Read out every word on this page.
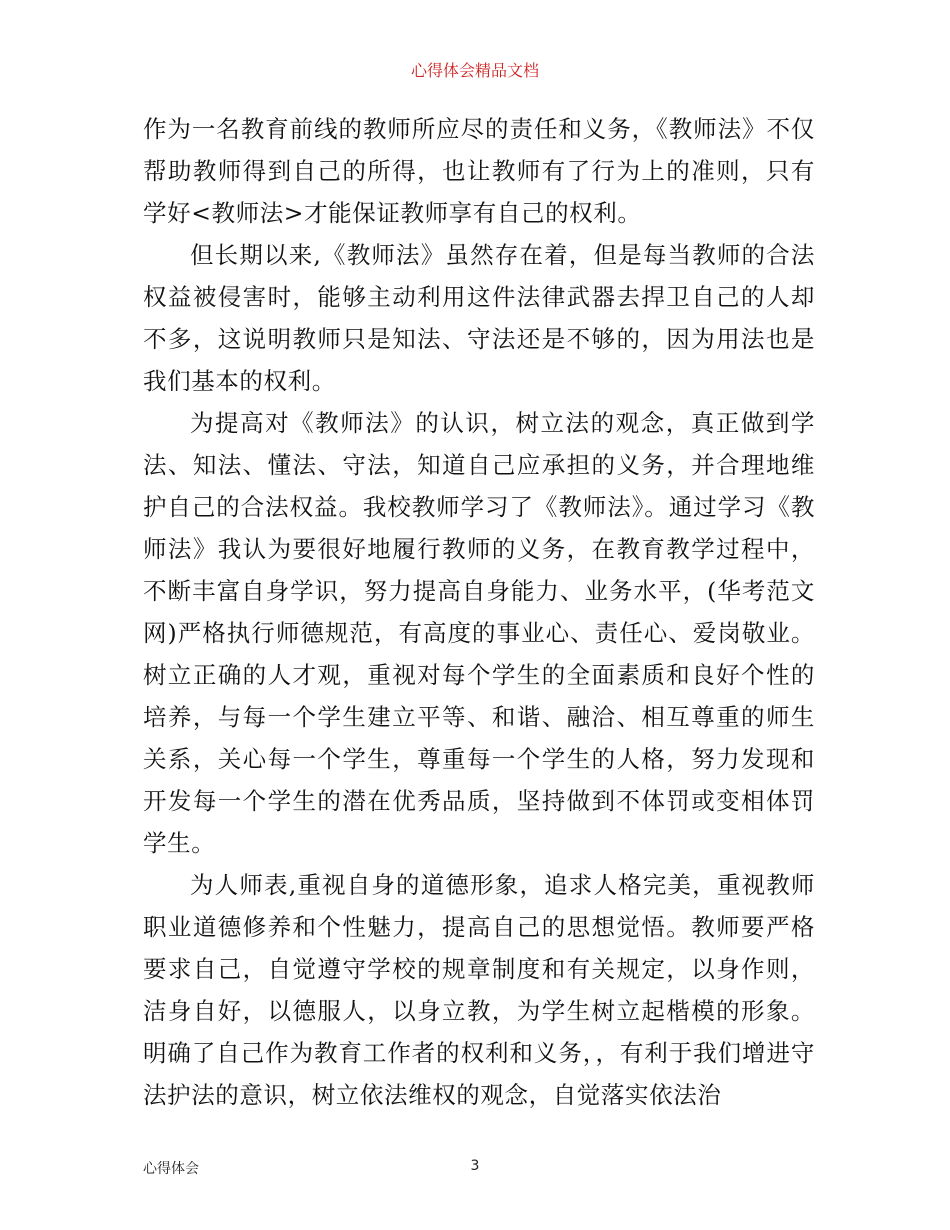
心得体会精品文档

作为一名教育前线的教师所应尽的责任和义务，《教师法》不仅帮助教师得到自己的所得，也让教师有了行为上的准则，只有学好<教师法>才能保证教师享有自己的权利。

但长期以来,《教师法》虽然存在着，但是每当教师的合法权益被侵害时，能够主动利用这件法律武器去捍卫自己的人却不多，这说明教师只是知法、守法还是不够的，因为用法也是我们基本的权利。

为提高对《教师法》的认识，树立法的观念，真正做到学法、知法、懂法、守法，知道自己应承担的义务，并合理地维护自己的合法权益。我校教师学习了《教师法》。通过学习《教师法》我认为要很好地履行教师的义务，在教育教学过程中，不断丰富自身学识，努力提高自身能力、业务水平，(华考范文网)严格执行师德规范，有高度的事业心、责任心、爱岗敬业。树立正确的人才观，重视对每个学生的全面素质和良好个性的培养，与每一个学生建立平等、和谐、融洽、相互尊重的师生关系，关心每一个学生，尊重每一个学生的人格，努力发现和开发每一个学生的潜在优秀品质，坚持做到不体罚或变相体罚学生。

为人师表,重视自身的道德形象，追求人格完美，重视教师职业道德修养和个性魅力，提高自己的思想觉悟。教师要严格要求自己，自觉遵守学校的规章制度和有关规定，以身作则，洁身自好，以德服人，以身立教，为学生树立起楷模的形象。明确了自己作为教育工作者的权利和义务，，有利于我们增进守法护法的意识，树立依法维权的观念，自觉落实依法治

心得体会	3
